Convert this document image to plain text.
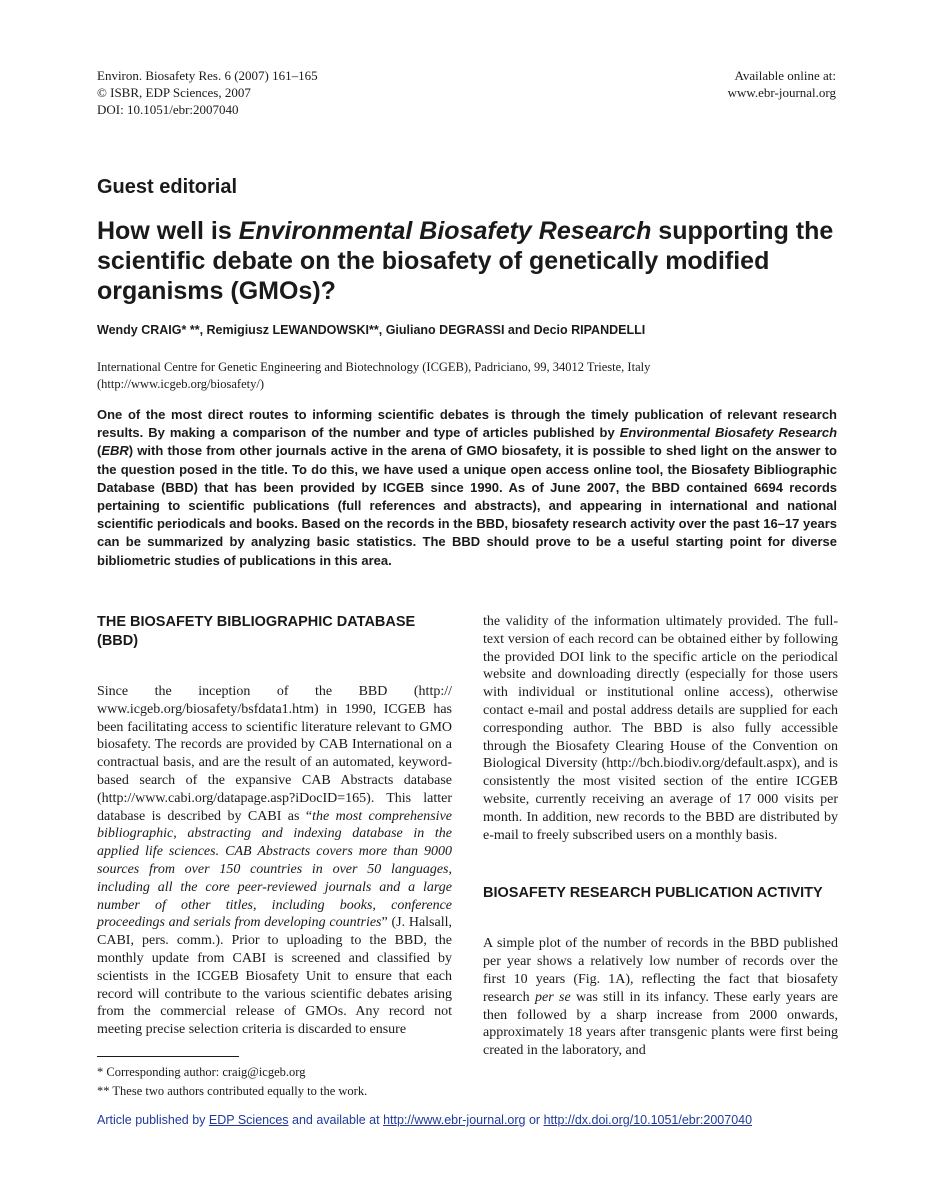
Environ. Biosafety Res. 6 (2007) 161–165
© ISBR, EDP Sciences, 2007
DOI: 10.1051/ebr:2007040
Available online at:
www.ebr-journal.org
Guest editorial
How well is Environmental Biosafety Research supporting the scientific debate on the biosafety of genetically modified organisms (GMOs)?
Wendy CRAIG* **, Remigiusz LEWANDOWSKI**, Giuliano DEGRASSI and Decio RIPANDELLI
International Centre for Genetic Engineering and Biotechnology (ICGEB), Padriciano, 99, 34012 Trieste, Italy
(http://www.icgeb.org/biosafety/)

One of the most direct routes to informing scientific debates is through the timely publication of relevant research results. By making a comparison of the number and type of articles published by Environmental Biosafety Research (EBR) with those from other journals active in the arena of GMO biosafety, it is possible to shed light on the answer to the question posed in the title. To do this, we have used a unique open access online tool, the Biosafety Bibliographic Database (BBD) that has been provided by ICGEB since 1990. As of June 2007, the BBD contained 6694 records pertaining to scientific publications (full references and abstracts), and appearing in international and national scientific periodicals and books. Based on the records in the BBD, biosafety research activity over the past 16–17 years can be summarized by analyzing basic statistics. The BBD should prove to be a useful starting point for diverse bibliometric studies of publications in this area.

THE BIOSAFETY BIBLIOGRAPHIC DATABASE (BBD)

Since the inception of the BBD (http:// www.icgeb.org/biosafety/bsfdata1.htm) in 1990, ICGEB has been facilitating access to scientific literature relevant to GMO biosafety. The records are provided by CAB International on a contractual basis, and are the result of an automated, keyword-based search of the expansive CAB Abstracts database (http://www.cabi.org/datapage.asp?iDocID=165). This latter database is described by CABI as “the most comprehensive bibliographic, abstracting and indexing database in the applied life sciences. CAB Abstracts covers more than 9000 sources from over 150 countries in over 50 languages, including all the core peer-reviewed journals and a large number of other titles, including books, conference proceedings and serials from developing countries” (J. Halsall, CABI, pers. comm.). Prior to uploading to the BBD, the monthly update from CABI is screened and classified by scientists in the ICGEB Biosafety Unit to ensure that each record will contribute to the various scientific debates arising from the commercial release of GMOs. Any record not meeting precise selection criteria is discarded to ensure

the validity of the information ultimately provided. The full-text version of each record can be obtained either by following the provided DOI link to the specific article on the periodical website and downloading directly (especially for those users with individual or institutional online access), otherwise contact e-mail and postal address details are supplied for each corresponding author. The BBD is also fully accessible through the Biosafety Clearing House of the Convention on Biological Diversity (http://bch.biodiv.org/default.aspx), and is consistently the most visited section of the entire ICGEB website, currently receiving an average of 17 000 visits per month. In addition, new records to the BBD are distributed by e-mail to freely subscribed users on a monthly basis.

BIOSAFETY RESEARCH PUBLICATION ACTIVITY

A simple plot of the number of records in the BBD published per year shows a relatively low number of records over the first 10 years (Fig. 1A), reflecting the fact that biosafety research per se was still in its infancy. These early years are then followed by a sharp increase from 2000 onwards, approximately 18 years after transgenic plants were first being created in the laboratory, and

* Corresponding author: craig@icgeb.org
** These two authors contributed equally to the work.
Article published by EDP Sciences and available at http://www.ebr-journal.org or http://dx.doi.org/10.1051/ebr:2007040
